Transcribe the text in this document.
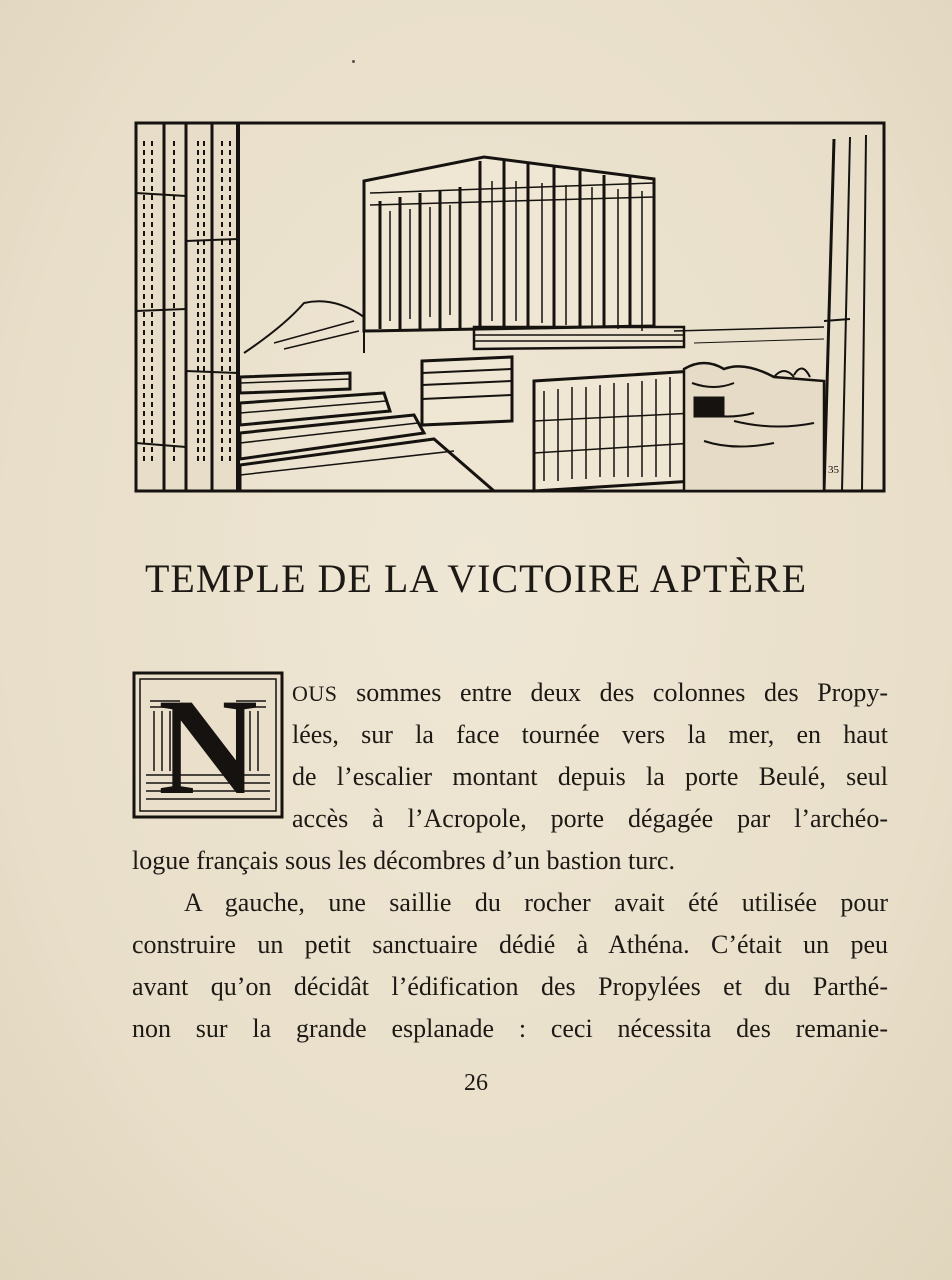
35
TEMPLE DE LA VICTOIRE APTÈRE
N	OUS sommes entre deux des colonnes des Propy-
lées, sur la face tournée vers la mer, en haut
de l’escalier montant depuis la porte Beulé, seul
accès à l’Acropole, porte dégagée par l’archéo-
logue français sous les décombres d’un bastion turc.
A gauche, une saillie du rocher avait été utilisée pour
construire un petit sanctuaire dédié à Athéna. C’était un peu
avant qu’on décidât l’édification des Propylées et du Parthé-
non sur la grande esplanade : ceci nécessita des remanie-
26
